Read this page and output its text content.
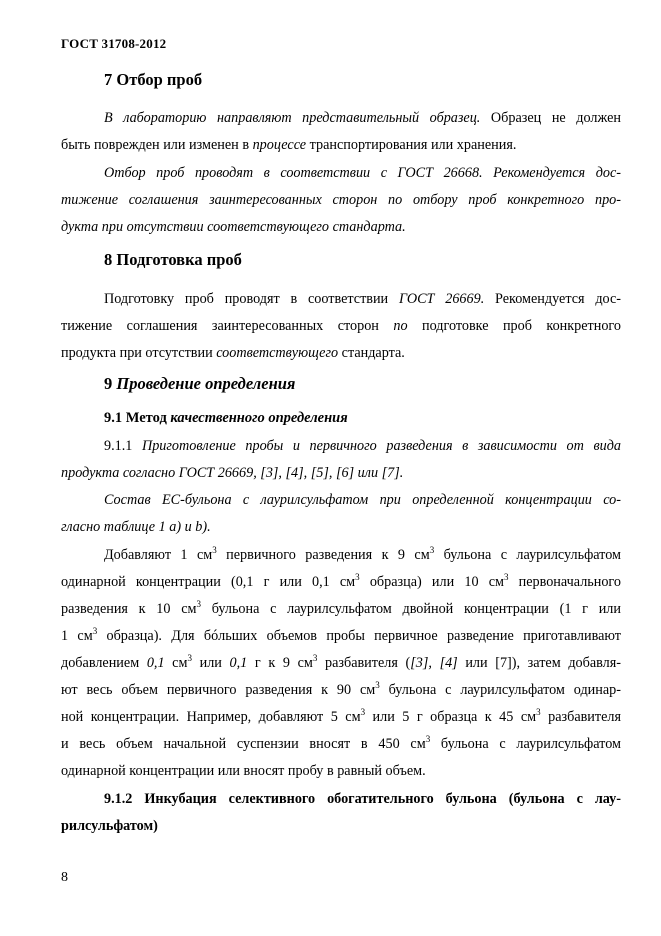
ГОСТ 31708-2012
7 Отбор проб
В лабораторию направляют представительный образец. Образец не должен
быть поврежден или изменен в процессе транспортирования или хранения.
Отбор проб проводят в соответствии с ГОСТ 26668. Рекомендуется дос-
тижение соглашения заинтересованных сторон по отбору проб конкретного про-
дукта при отсутствии соответствующего стандарта.
8 Подготовка проб
Подготовку проб проводят в соответствии ГОСТ 26669. Рекомендуется дос-
тижение соглашения заинтересованных сторон по подготовке проб конкретного
продукта при отсутствии соответствующего стандарта.
9 Проведение определения
9.1 Метод качественного определения
9.1.1 Приготовление пробы и первичного разведения в зависимости от вида
продукта согласно ГОСТ 26669, [3], [4], [5], [6] или [7].
Состав EC-бульона с лаурилсульфатом при определенной концентрации со-
гласно таблице 1 а) и b).
Добавляют 1 $см^3$ первичного разведения к 9 $см^3$ бульона с лаурилсульфатом
одинарной концентрации (0,1 г или 0,1 $см^3$ образца) или 10 $см^3$ первоначального
разведения к 10 $см^3$ бульона с лаурилсульфатом двойной концентрации (1 г или
1 $см^3$ образца). Для бóльших объемов пробы первичное разведение приготавливают
добавлением 0,1 $см^3$ или 0,1 г к 9 $см^3$ разбавителя ([3], [4] или [7]), затем добавля-
ют весь объем первичного разведения к 90 $см^3$ бульона с лаурилсульфатом одинар-
ной концентрации. Например, добавляют 5 $см^3$ или 5 г образца к 45 $см^3$ разбавителя
и весь объем начальной суспензии вносят в 450 $см^3$ бульона с лаурилсульфатом
одинарной концентрации или вносят пробу в равный объем.
9.1.2 Инкубация селективного обогатительного бульона (бульона с лау-
рилсульфатом)
8
